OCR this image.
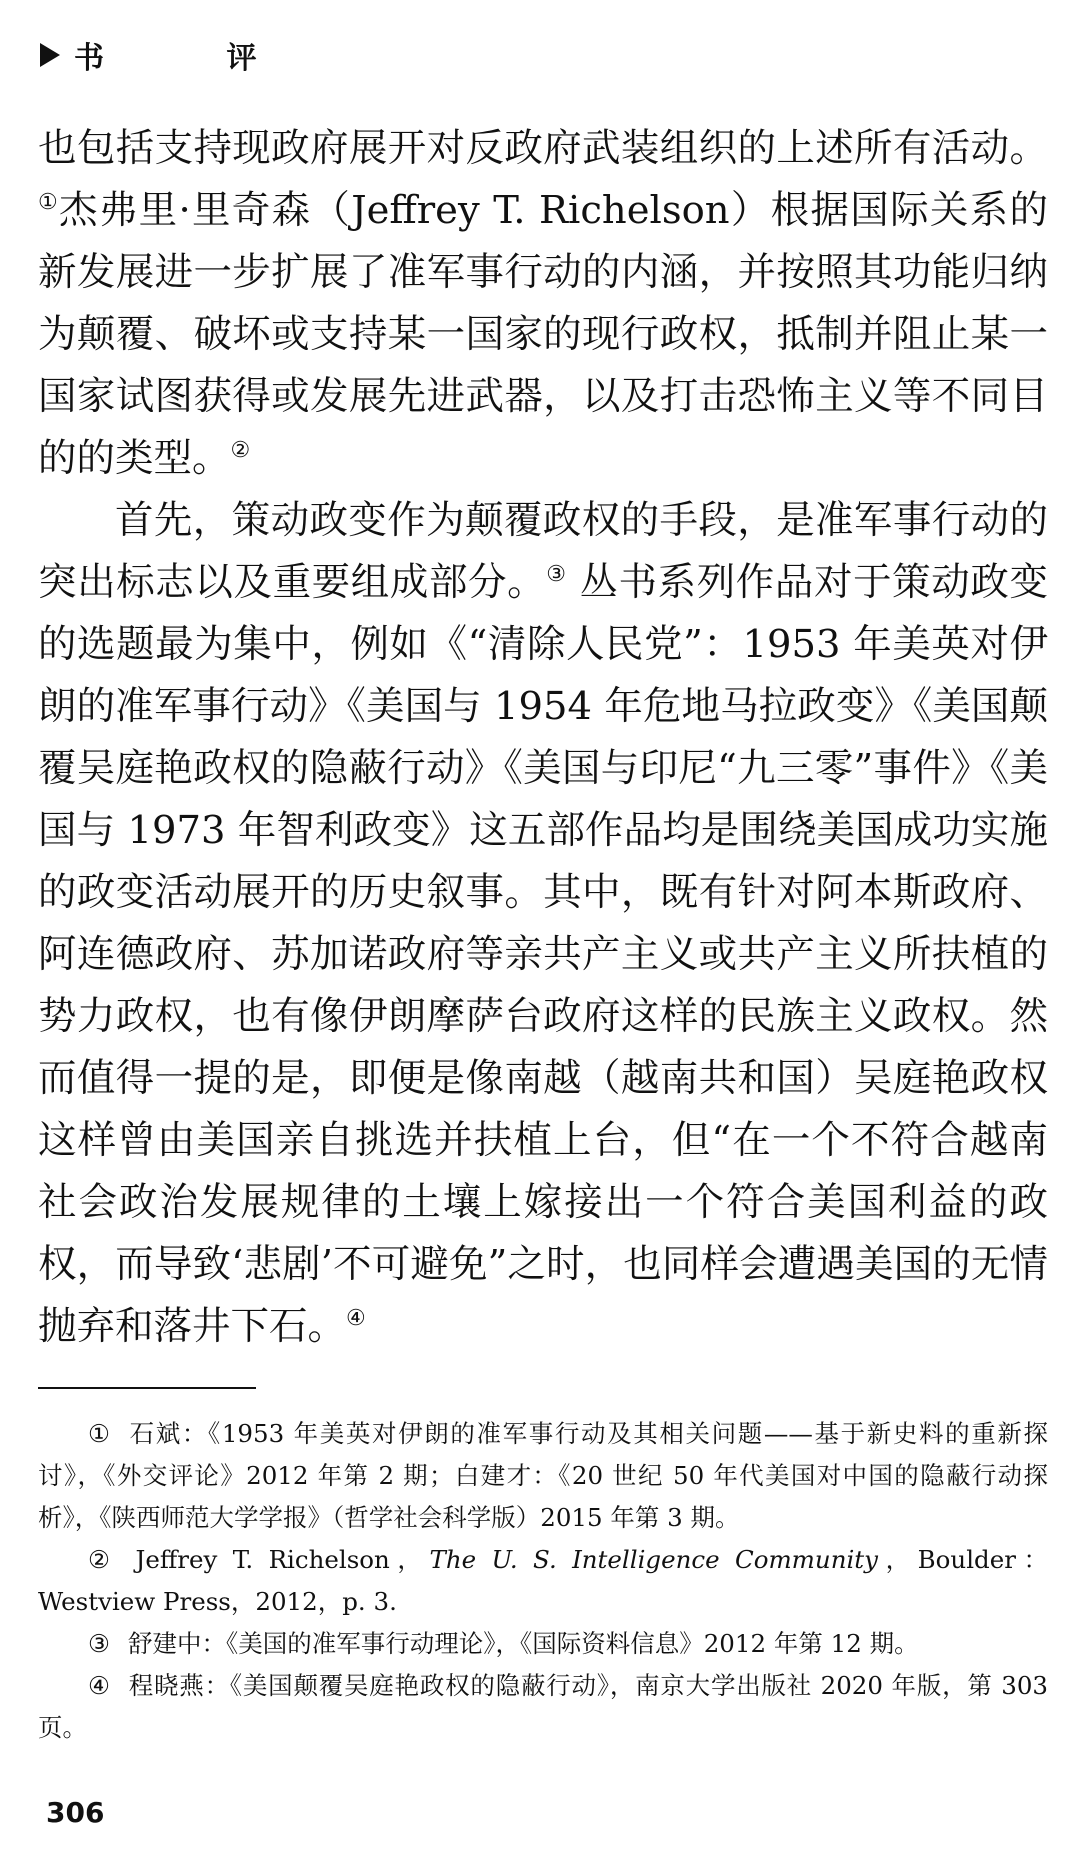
书 评

也包括支持现政府展开对反政府武装组织的上述所有活动。①杰弗里·里奇森（Jeffrey T. Richelson）根据国际关系的新发展进一步扩展了准军事行动的内涵，并按照其功能归纳为颠覆、破坏或支持某一国家的现行政权，抵制并阻止某一国家试图获得或发展先进武器，以及打击恐怖主义等不同目的的类型。②

首先，策动政变作为颠覆政权的手段，是准军事行动的突出标志以及重要组成部分。③ 丛书系列作品对于策动政变的选题最为集中，例如《“清除人民党”：1953 年美英对伊朗的准军事行动》《美国与 1954 年危地马拉政变》《美国颠覆吴庭艳政权的隐蔽行动》《美国与印尼“九三零”事件》《美国与 1973 年智利政变》这五部作品均是围绕美国成功实施的政变活动展开的历史叙事。其中，既有针对阿本斯政府、阿连德政府、苏加诺政府等亲共产主义或共产主义所扶植的势力政权，也有像伊朗摩萨台政府这样的民族主义政权。然而值得一提的是，即便是像南越（越南共和国）吴庭艳政权这样曾由美国亲自挑选并扶植上台，但“在一个不符合越南社会政治发展规律的土壤上嫁接出一个符合美国利益的政权，而导致‘悲剧’不可避免”之时，也同样会遭遇美国的无情抛弃和落井下石。④

① 石斌：《1953 年美英对伊朗的准军事行动及其相关问题——基于新史料的重新探讨》，《外交评论》2012 年第 2 期；白建才：《20 世纪 50 年代美国对中国的隐蔽行动探析》，《陕西师范大学学报》（哲学社会科学版）2015 年第 3 期。

② Jeffrey T. Richelson，The U. S. Intelligence Community，Boulder：Westview Press，2012，p. 3.

③ 舒建中：《美国的准军事行动理论》，《国际资料信息》2012 年第 12 期。

④ 程晓燕：《美国颠覆吴庭艳政权的隐蔽行动》，南京大学出版社 2020 年版，第 303 页。

306
